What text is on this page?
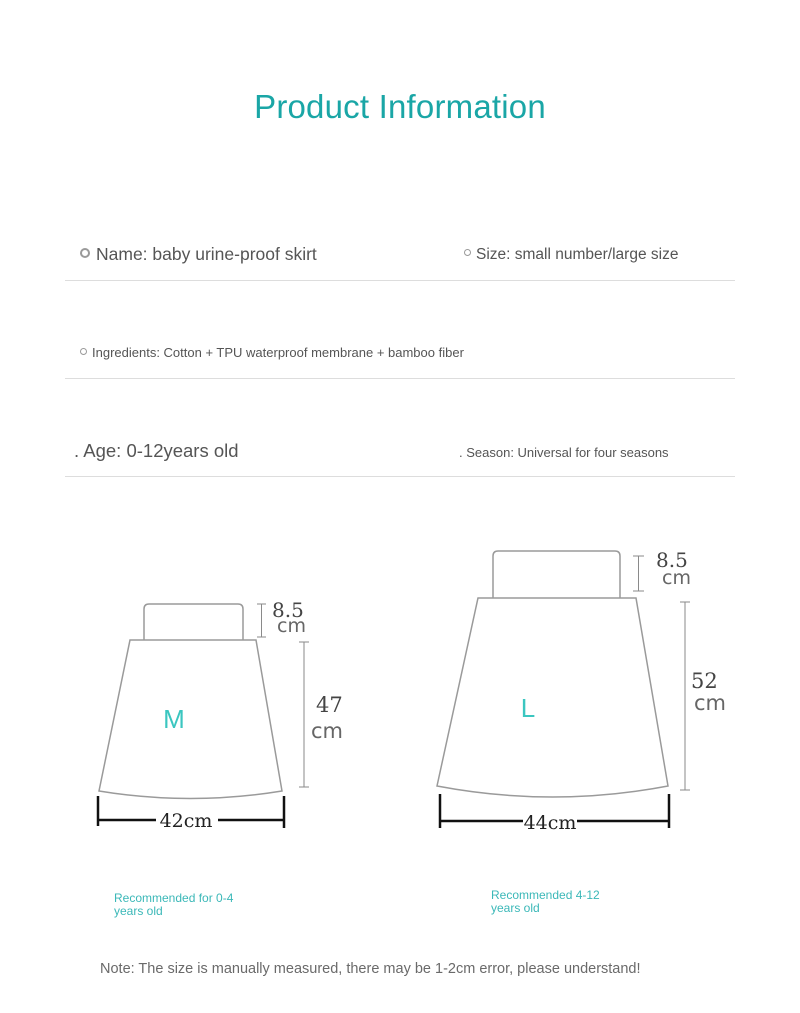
Product Information
Name: baby urine-proof skirt	Size: small number/large size
Ingredients: Cotton + TPU waterproof membrane + bamboo fiber
. Age: 0-12years old	. Season: Universal for four seasons
8.5
cm
47
cm
M
42cm
8.5
cm
52
cm
L
44cm
Recommended for 0-4
years old
Recommended 4-12
years old
Note: The size is manually measured, there may be 1-2cm error, please understand!
